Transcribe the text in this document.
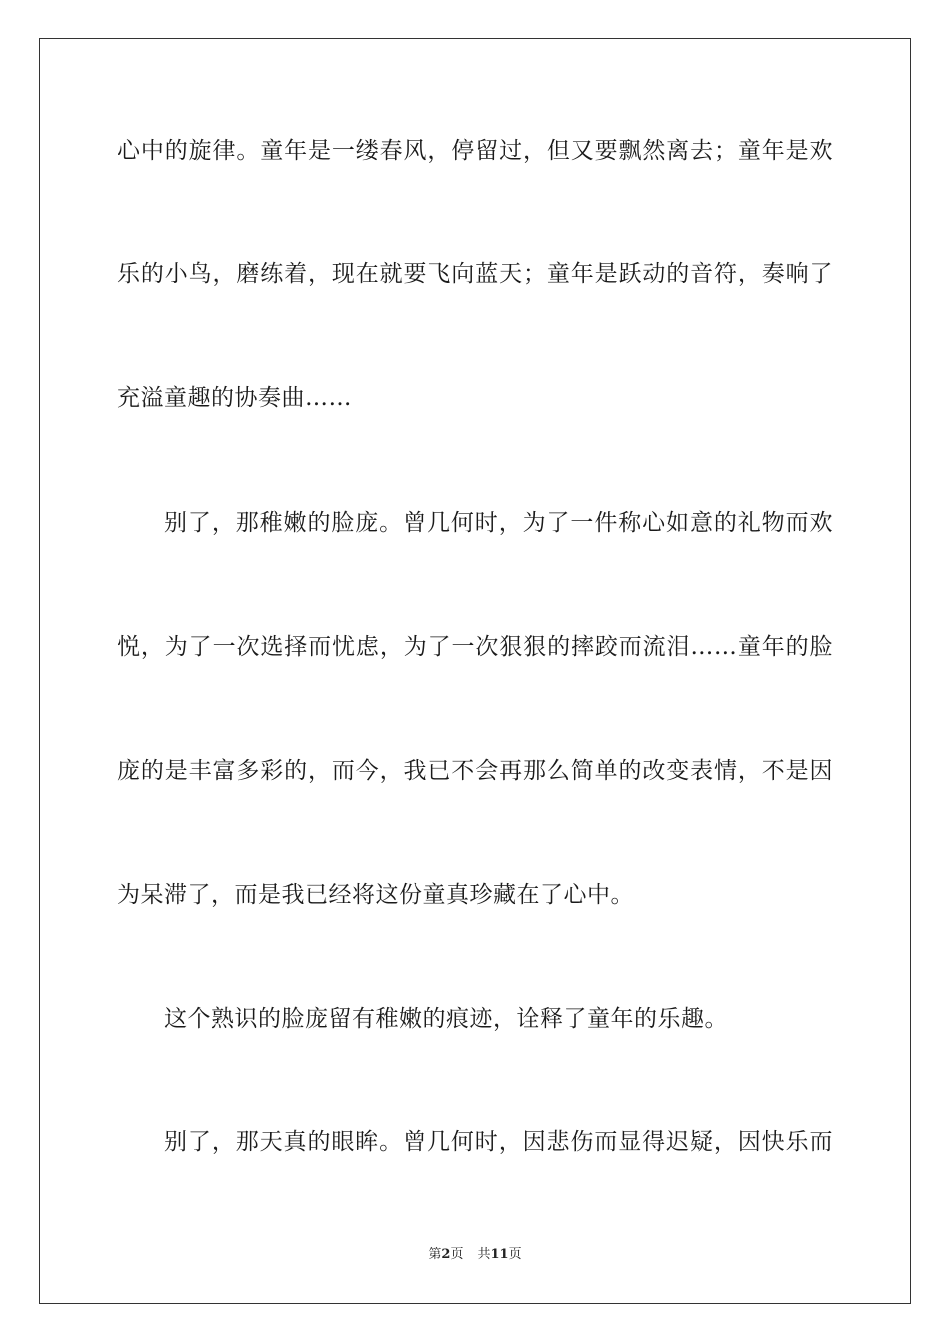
心中的旋律。童年是一缕春风，停留过，但又要飘然离去；童年是欢
乐的小鸟，磨练着，现在就要飞向蓝天；童年是跃动的音符，奏响了
充溢童趣的协奏曲……
别了，那稚嫩的脸庞。曾几何时，为了一件称心如意的礼物而欢
悦，为了一次选择而忧虑，为了一次狠狠的摔跤而流泪……童年的脸
庞的是丰富多彩的，而今，我已不会再那么简单的改变表情，不是因
为呆滞了，而是我已经将这份童真珍藏在了心中。
这个熟识的脸庞留有稚嫩的痕迹，诠释了童年的乐趣。
别了，那天真的眼眸。曾几何时，因悲伤而显得迟疑，因快乐而
第2页 共11页
